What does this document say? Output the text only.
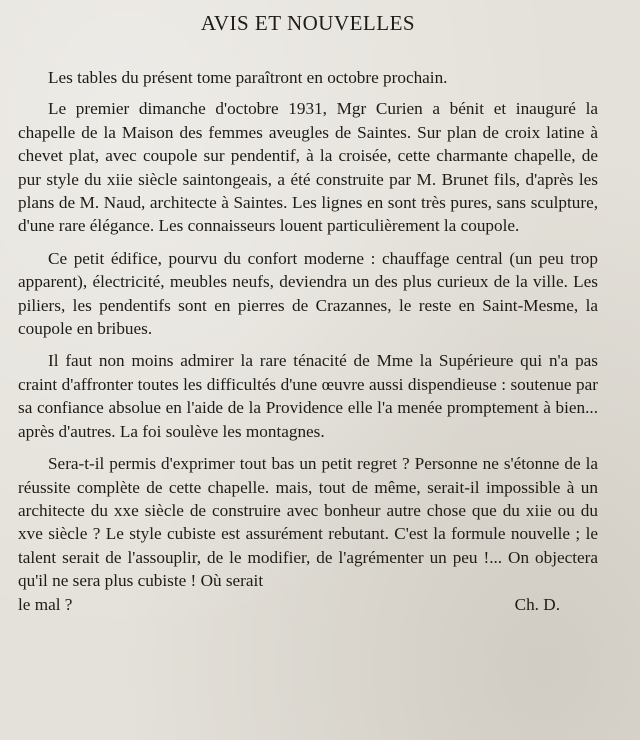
AVIS ET NOUVELLES

Les tables du présent tome paraîtront en octobre prochain.

Le premier dimanche d'octobre 1931, Mgr Curien a bénit et inauguré la chapelle de la Maison des femmes aveugles de Saintes. Sur plan de croix latine à chevet plat, avec coupole sur pendentif, à la croisée, cette charmante chapelle, de pur style du xiie siècle saintongeais, a été construite par M. Brunet fils, d'après les plans de M. Naud, architecte à Saintes. Les lignes en sont très pures, sans sculpture, d'une rare élégance. Les connaisseurs louent particulièrement la coupole.

Ce petit édifice, pourvu du confort moderne : chauffage central (un peu trop apparent), électricité, meubles neufs, deviendra un des plus curieux de la ville. Les piliers, les pendentifs sont en pierres de Crazannes, le reste en Saint-Mesme, la coupole en bribues.

Il faut non moins admirer la rare ténacité de Mme la Supérieure qui n'a pas craint d'affronter toutes les difficultés d'une œuvre aussi dispendieuse : soutenue par sa confiance absolue en l'aide de la Providence elle l'a menée promptement à bien... après d'autres. La foi soulève les montagnes.

Sera-t-il permis d'exprimer tout bas un petit regret ? Personne ne s'étonne de la réussite complète de cette chapelle. mais, tout de même, serait-il impossible à un architecte du xxe siècle de construire avec bonheur autre chose que du xiie ou du xve siècle ? Le style cubiste est assurément rebutant. C'est la formule nouvelle ; le talent serait de l'assouplir, de le modifier, de l'agrémenter un peu !... On objectera qu'il ne sera plus cubiste ! Où serait

le mal ?	Ch. D.
